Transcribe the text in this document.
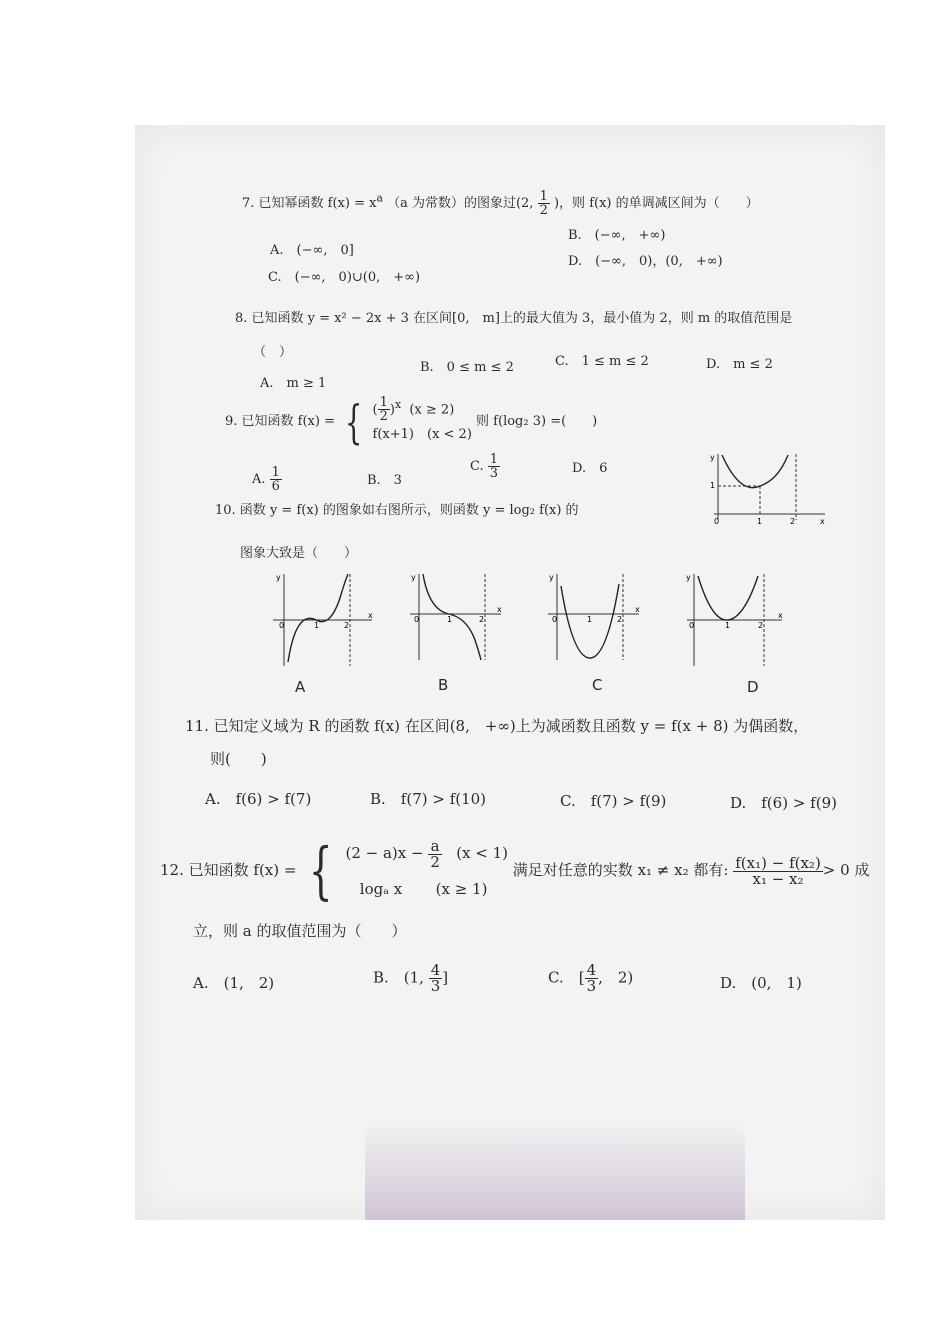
7. 已知幂函数 $f(x) = x^a$ （a 为常数）的图象过(2, $\frac{1}{2}$ )，则 f(x) 的单调减区间为（　　）
A.　(−∞,　0]
B.　(−∞,　+∞)
C.　(−∞,　0)∪(0,　+∞)
D.　(−∞,　0)，(0,　+∞)
8. 已知函数 y = x² − 2x + 3 在区间[0,　m]上的最大值为 3，最小值为 2，则 m 的取值范围是
（　）
A.　m ≥ 1
B.　0 ≤ m ≤ 2	C.　1 ≤ m ≤ 2	D.　m ≤ 2
9. 已知函数 f(x) = { ( $\frac{1}{2} )^x$ (x ≥ 2)
f(x+1)　(x < 2)
则 f(log₂ 3) =(　　)
A. $\frac{1}{6}$	B.　3
C. $\frac{1}{3}$	D.　6
x
y
0	1	2
1
10. 函数 y = f(x) 的图象如右图所示，则函数 y = log₂ f(x) 的
图象大致是（　　）
y
x
0	1	2
y
x
0	1	2
y
x
0	1	2
y
x
0	1	2
A	B	C	D
11. 已知定义域为 R 的函数 f(x) 在区间(8,　+∞)上为减函数且函数 y = f(x + 8) 为偶函数，
则(　　)
A.　f(6) > f(7)	B.　f(7) > f(10)	C.　f(7) > f(9)	D.　f(6) > f(9)
12. 已知函数 f(x) = { $(2 - a)x - \frac{a}{2} (x < 1)$
logₐ x (x ≥ 1)
满足对任意的实数 x₁ ≠ x₂ 都有: $\frac{\text{f(x₁) − f(x₂)}}{\text{x₁ − x₂}} > 0$ 成
立，则 a 的取值范围为（　　）
A.　(1,　2)	B.　(1, $\frac{4}{3}$ ]	C.　[ $\frac{4}{3}$ ,　2)	D.　(0,　1)
